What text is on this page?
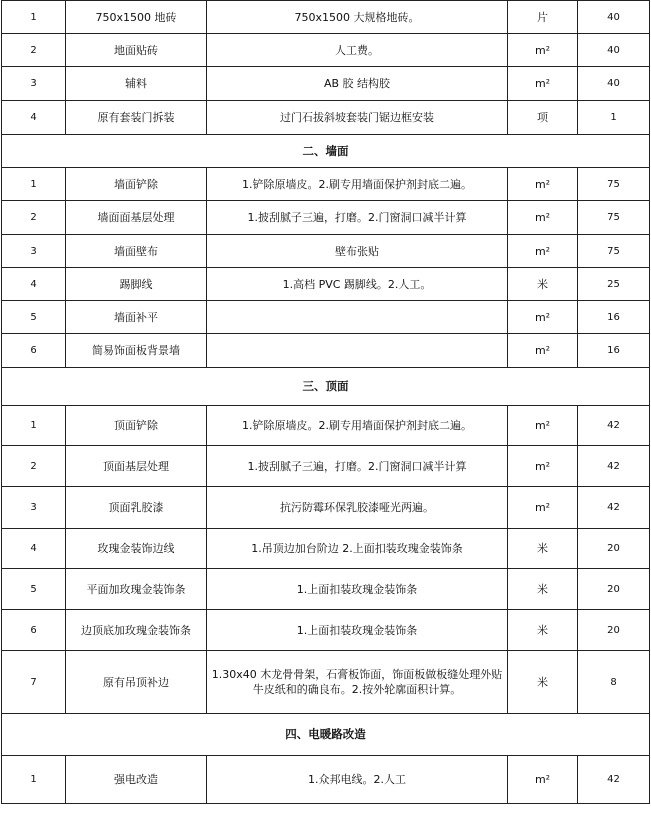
1	750x1500 地砖	750x1500 大规格地砖。	片	40
2	地面贴砖	人工费。	m²	40
3	辅料	AB 胶 结构胶	m²	40
4	原有套装门拆装	过门石拔斜坡套装门锯边框安装	项	1
二、墙面				
1	墙面铲除	1.铲除原墙皮。2.刷专用墙面保护剂封底二遍。	m²	75
2	墙面面基层处理	1.披刮腻子三遍，打磨。2.门窗洞口减半计算	m²	75
3	墙面壁布	壁布张贴	m²	75
4	踢脚线	1.高档 PVC 踢脚线。2.人工。	米	25
5	墙面补平		m²	16
6	简易饰面板背景墙		m²	16
三、顶面				
1	顶面铲除	1.铲除原墙皮。2.刷专用墙面保护剂封底二遍。	m²	42
2	顶面基层处理	1.披刮腻子三遍，打磨。2.门窗洞口减半计算	m²	42
3	顶面乳胶漆	抗污防霉环保乳胶漆哑光两遍。	m²	42
4	玫瑰金装饰边线	1.吊顶边加台阶边 2.上面扣装玫瑰金装饰条	米	20
5	平面加玫瑰金装饰条	1.上面扣装玫瑰金装饰条	米	20
6	边顶底加玫瑰金装饰条	1.上面扣装玫瑰金装饰条	米	20
7	原有吊顶补边	1.30x40 木龙骨骨架，石膏板饰面，饰面板做板缝处理外贴牛皮纸和的确良布。2.按外轮廓面积计算。	米	8
四、电暖路改造				
1	强电改造	1.众邦电线。2.人工	m²	42
